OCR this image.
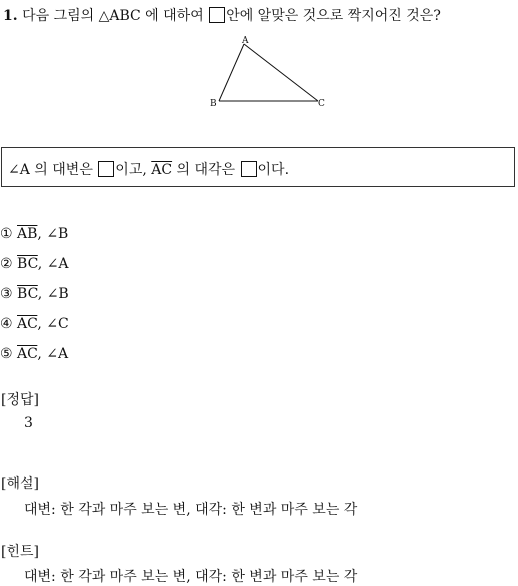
1. 다음 그림의 △ABC 에 대하여 안에 알맞은 것으로 짝지어진 것은?
A
B	C
∠A 의 대변은 이고, $\overline{AC}$ 의 대각은 이다.
① $\overline{AB}$, ∠B
② $\overline{BC}$, ∠A
③ $\overline{BC}$, ∠B
④ $\overline{AC}$, ∠C
⑤ $\overline{AC}$, ∠A
[정답]
3
[해설]
대변: 한 각과 마주 보는 변, 대각: 한 변과 마주 보는 각
[힌트]
대변: 한 각과 마주 보는 변, 대각: 한 변과 마주 보는 각
